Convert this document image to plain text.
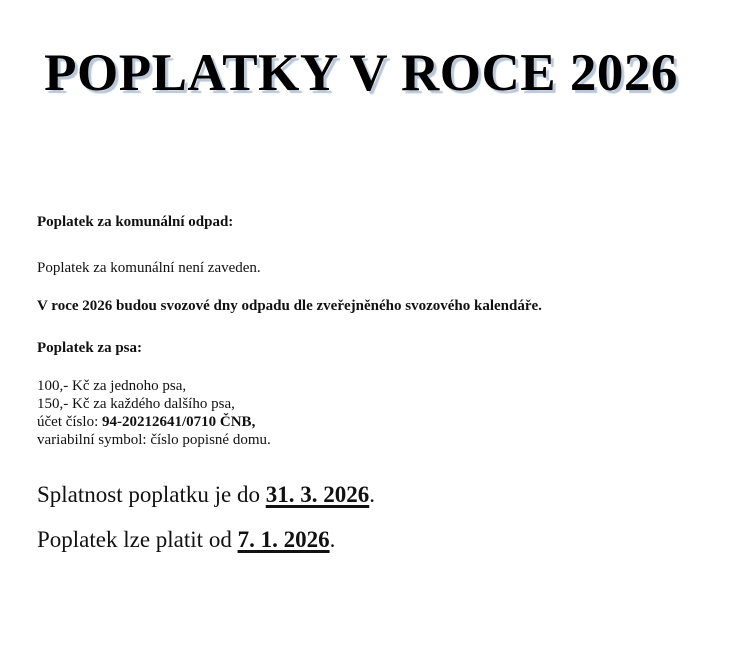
POPLATKY V ROCE 2026

Poplatek za komunální odpad:

Poplatek za komunální není zaveden.

V roce 2026 budou svozové dny odpadu dle zveřejněného svozového kalendáře.

Poplatek za psa:

100,- Kč za jednoho psa,
150,- Kč za každého dalšího psa,
účet číslo: 94-20212641/0710 ČNB,
variabilní symbol: číslo popisné domu.

Splatnost poplatku je do 31. 3. 2026.

Poplatek lze platit od 7. 1. 2026.
